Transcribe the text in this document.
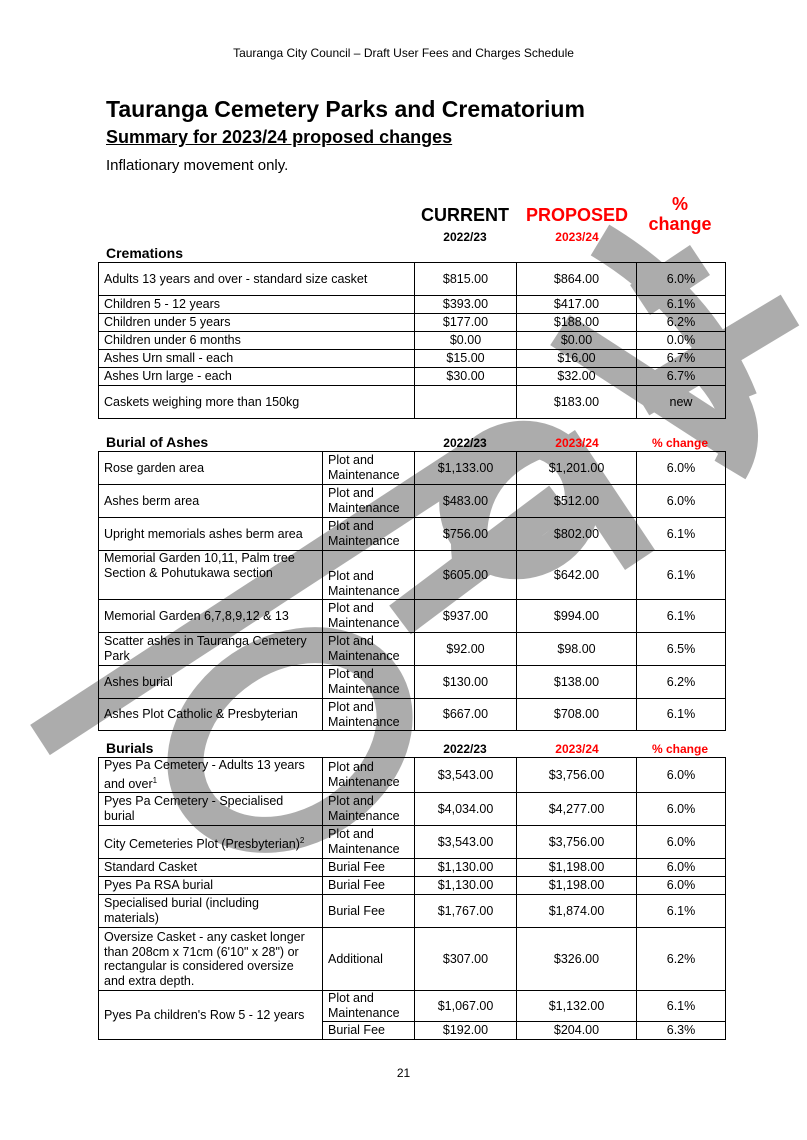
Tauranga City Council – Draft User Fees and Charges Schedule
Tauranga Cemetery Parks and Crematorium
Summary for 2023/24 proposed changes
Inflationary movement only.
CURRENT
2022/23
PROPOSED
2023/24
%
change
Cremations
Adults 13 years and over - standard size casket	$815.00	$864.00	6.0%
Children 5 - 12 years	$393.00	$417.00	6.1%
Children under 5 years	$177.00	$188.00	6.2%
Children under 6 months	$0.00	$0.00	0.0%
Ashes Urn small - each	$15.00	$16.00	6.7%
Ashes Urn large - each	$30.00	$32.00	6.7%
Caskets weighing more than 150kg		$183.00	new
Burial of Ashes	2022/23	2023/24	% change
Rose garden area	Plot and Maintenance	$1,133.00	$1,201.00	6.0%
Ashes berm area	Plot and Maintenance	$483.00	$512.00	6.0%
Upright memorials ashes berm area	Plot and Maintenance	$756.00	$802.00	6.1%
Memorial Garden 10,11, Palm tree Section & Pohutukawa section	Plot and Maintenance	$605.00	$642.00	6.1%
Memorial Garden 6,7,8,9,12 & 13	Plot and Maintenance	$937.00	$994.00	6.1%
Scatter ashes in Tauranga Cemetery Park	Plot and Maintenance	$92.00	$98.00	6.5%
Ashes burial	Plot and Maintenance	$130.00	$138.00	6.2%
Ashes Plot Catholic & Presbyterian	Plot and Maintenance	$667.00	$708.00	6.1%
Burials	2022/23	2023/24	% change
Pyes Pa Cemetery - Adults 13 years and over$^1$	Plot and Maintenance	$3,543.00	$3,756.00	6.0%
Pyes Pa Cemetery - Specialised burial	Plot and Maintenance	$4,034.00	$4,277.00	6.0%
City Cemeteries Plot (Presbyterian)$^2$	Plot and Maintenance	$3,543.00	$3,756.00	6.0%
Standard Casket	Burial Fee	$1,130.00	$1,198.00	6.0%
Pyes Pa RSA burial	Burial Fee	$1,130.00	$1,198.00	6.0%
Specialised burial (including materials)	Burial Fee	$1,767.00	$1,874.00	6.1%
Oversize Casket - any casket longer than 208cm x 71cm (6'10" x 28") or rectangular is considered oversize and extra depth.	Additional	$307.00	$326.00	6.2%
Pyes Pa children's Row 5 - 12 years	Plot and Maintenance	$1,067.00	$1,132.00	6.1%
	Burial Fee	$192.00	$204.00	6.3%
21
